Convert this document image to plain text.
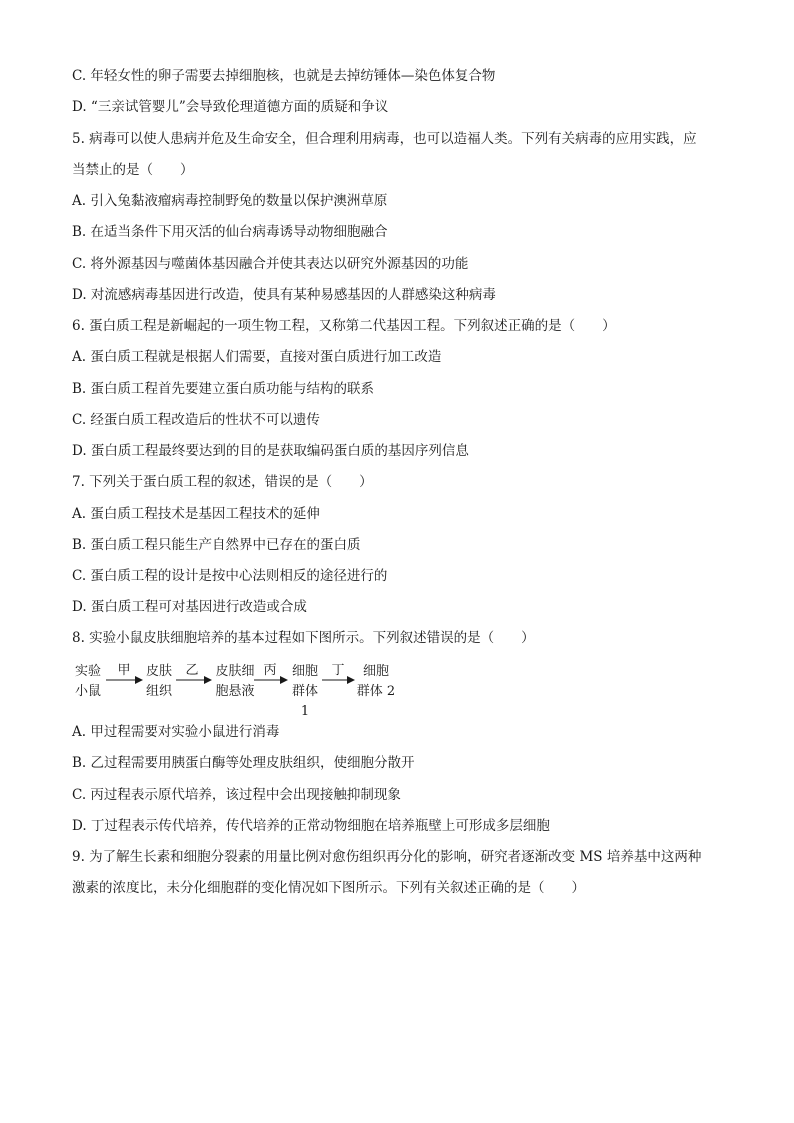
C. 年轻女性的卵子需要去掉细胞核，也就是去掉纺锤体—染色体复合物
D. “三亲试管婴儿”会导致伦理道德方面的质疑和争议
5. 病毒可以使人患病并危及生命安全，但合理利用病毒，也可以造福人类。下列有关病毒的应用实践，应
当禁止的是（　　）
A. 引入兔黏液瘤病毒控制野兔的数量以保护澳洲草原
B. 在适当条件下用灭活的仙台病毒诱导动物细胞融合
C. 将外源基因与噬菌体基因融合并使其表达以研究外源基因的功能
D. 对流感病毒基因进行改造，使具有某种易感基因的人群感染这种病毒
6. 蛋白质工程是新崛起的一项生物工程，又称第二代基因工程。下列叙述正确的是（　　）
A. 蛋白质工程就是根据人们需要，直接对蛋白质进行加工改造
B. 蛋白质工程首先要建立蛋白质功能与结构的联系
C. 经蛋白质工程改造后的性状不可以遗传
D. 蛋白质工程最终要达到的目的是获取编码蛋白质的基因序列信息
7. 下列关于蛋白质工程的叙述，错误的是（　　）
A. 蛋白质工程技术是基因工程技术的延伸
B. 蛋白质工程只能生产自然界中已存在的蛋白质
C. 蛋白质工程的设计是按中心法则相反的途径进行的
D. 蛋白质工程可对基因进行改造或合成
8. 实验小鼠皮肤细胞培养的基本过程如下图所示。下列叙述错误的是（　　）
实验
小鼠
皮肤
组织
皮肤细
胞悬液
细胞
群体 1
细胞
群体 2
甲	乙	丙	丁
A. 甲过程需要对实验小鼠进行消毒
B. 乙过程需要用胰蛋白酶等处理皮肤组织，使细胞分散开
C. 丙过程表示原代培养，该过程中会出现接触抑制现象
D. 丁过程表示传代培养，传代培养的正常动物细胞在培养瓶壁上可形成多层细胞
9. 为了解生长素和细胞分裂素的用量比例对愈伤组织再分化的影响，研究者逐渐改变 MS 培养基中这两种
激素的浓度比，未分化细胞群的变化情况如下图所示。下列有关叙述正确的是（　　）
